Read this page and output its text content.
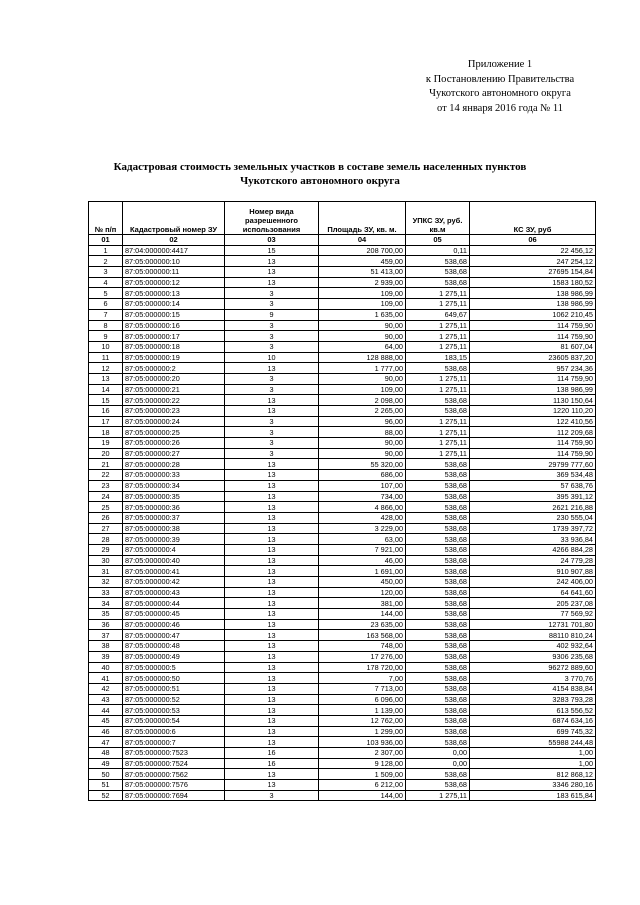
Приложение 1
к Постановлению Правительства
Чукотского автономного округа
от 14 января 2016 года № 11
Кадастровая стоимость земельных участков в составе земель населенных пунктов
Чукотского автономного округа
№ п/п	Кадастровый номер ЗУ	Номер вида разрешенного использования	Площадь ЗУ, кв. м.	УПКС ЗУ, руб. кв.м	КС ЗУ, руб
01	02	03	04	05	06
1	87:04:000000:4417	15	208 700,00	0,11	22 456,12
2	87:05:000000:10	13	459,00	538,68	247 254,12
3	87:05:000000:11	13	51 413,00	538,68	27695 154,84
4	87:05:000000:12	13	2 939,00	538,68	1583 180,52
5	87:05:000000:13	3	109,00	1 275,11	138 986,99
6	87:05:000000:14	3	109,00	1 275,11	138 986,99
7	87:05:000000:15	9	1 635,00	649,67	1062 210,45
8	87:05:000000:16	3	90,00	1 275,11	114 759,90
9	87:05:000000:17	3	90,00	1 275,11	114 759,90
10	87:05:000000:18	3	64,00	1 275,11	81 607,04
11	87:05:000000:19	10	128 888,00	183,15	23605 837,20
12	87:05:000000:2	13	1 777,00	538,68	957 234,36
13	87:05:000000:20	3	90,00	1 275,11	114 759,90
14	87:05:000000:21	3	109,00	1 275,11	138 986,99
15	87:05:000000:22	13	2 098,00	538,68	1130 150,64
16	87:05:000000:23	13	2 265,00	538,68	1220 110,20
17	87:05:000000:24	3	96,00	1 275,11	122 410,56
18	87:05:000000:25	3	88,00	1 275,11	112 209,68
19	87:05:000000:26	3	90,00	1 275,11	114 759,90
20	87:05:000000:27	3	90,00	1 275,11	114 759,90
21	87:05:000000:28	13	55 320,00	538,68	29799 777,60
22	87:05:000000:33	13	686,00	538,68	369 534,48
23	87:05:000000:34	13	107,00	538,68	57 638,76
24	87:05:000000:35	13	734,00	538,68	395 391,12
25	87:05:000000:36	13	4 866,00	538,68	2621 216,88
26	87:05:000000:37	13	428,00	538,68	230 555,04
27	87:05:000000:38	13	3 229,00	538,68	1739 397,72
28	87:05:000000:39	13	63,00	538,68	33 936,84
29	87:05:000000:4	13	7 921,00	538,68	4266 884,28
30	87:05:000000:40	13	46,00	538,68	24 779,28
31	87:05:000000:41	13	1 691,00	538,68	910 907,88
32	87:05:000000:42	13	450,00	538,68	242 406,00
33	87:05:000000:43	13	120,00	538,68	64 641,60
34	87:05:000000:44	13	381,00	538,68	205 237,08
35	87:05:000000:45	13	144,00	538,68	77 569,92
36	87:05:000000:46	13	23 635,00	538,68	12731 701,80
37	87:05:000000:47	13	163 568,00	538,68	88110 810,24
38	87:05:000000:48	13	748,00	538,68	402 932,64
39	87:05:000000:49	13	17 276,00	538,68	9306 235,68
40	87:05:000000:5	13	178 720,00	538,68	96272 889,60
41	87:05:000000:50	13	7,00	538,68	3 770,76
42	87:05:000000:51	13	7 713,00	538,68	4154 838,84
43	87:05:000000:52	13	6 096,00	538,68	3283 793,28
44	87:05:000000:53	13	1 139,00	538,68	613 556,52
45	87:05:000000:54	13	12 762,00	538,68	6874 634,16
46	87:05:000000:6	13	1 299,00	538,68	699 745,32
47	87:05:000000:7	13	103 936,00	538,68	55988 244,48
48	87:05:000000:7523	16	2 307,00	0,00	1,00
49	87:05:000000:7524	16	9 128,00	0,00	1,00
50	87:05:000000:7562	13	1 509,00	538,68	812 868,12
51	87:05:000000:7576	13	6 212,00	538,68	3346 280,16
52	87:05:000000:7694	3	144,00	1 275,11	183 615,84
